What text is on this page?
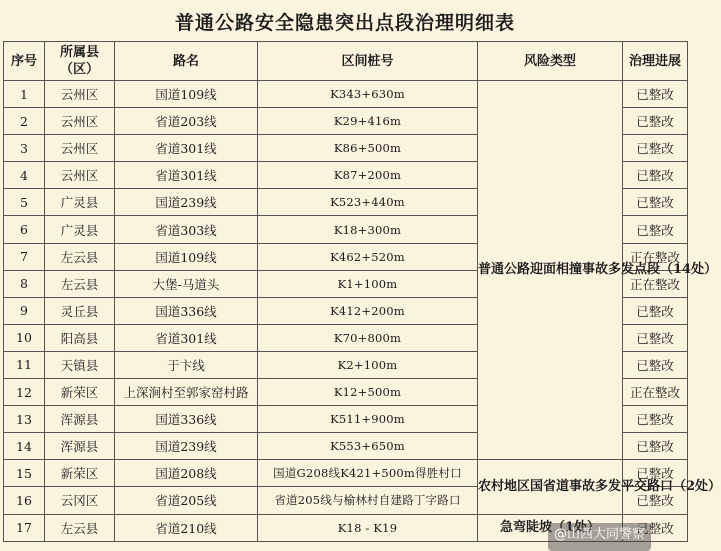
普通公路安全隐患突出点段治理明细表
序号	所属县（区）	路名	区间桩号	风险类型	治理进展
1	云州区	国道109线	K343+630m	普通公路迎面相撞事故多发点段（14处）	已整改
2	云州区	省道203线	K29+416m		已整改
3	云州区	省道301线	K86+500m		已整改
4	云州区	省道301线	K87+200m		已整改
5	广灵县	国道239线	K523+440m		已整改
6	广灵县	省道303线	K18+300m		已整改
7	左云县	国道109线	K462+520m		正在整改
8	左云县	大堡-马道头	K1+100m		正在整改
9	灵丘县	国道336线	K412+200m		已整改
10	阳高县	省道301线	K70+800m		已整改
11	天镇县	于卞线	K2+100m		已整改
12	新荣区	上深涧村至郭家窑村路	K12+500m		正在整改
13	浑源县	国道336线	K511+900m		已整改
14	浑源县	国道239线	K553+650m		已整改
15	新荣区	国道208线	国道G208线K421+500m得胜村口	农村地区国省道事故多发平交路口（2处）	已整改
16	云冈区	省道205线	省道205线与榆林村自建路丁字路口		已整改
17	左云县	省道210线	K18 - K19	急弯陡坡（1处）	已整改
@山西大同警察
